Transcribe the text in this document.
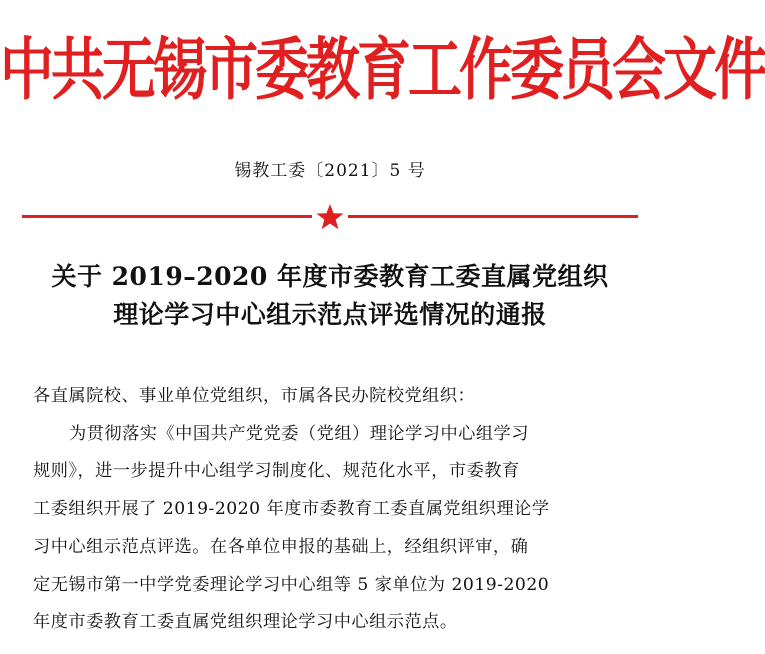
中共无锡市委教育工作委员会文件
锡教工委〔2021〕5 号
关于 2019–2020 年度市委教育工委直属党组织
理论学习中心组示范点评选情况的通报
各直属院校、事业单位党组织，市属各民办院校党组织：
为贯彻落实《中国共产党党委（党组）理论学习中心组学习
规则》，进一步提升中心组学习制度化、规范化水平，市委教育
工委组织开展了 2019-2020 年度市委教育工委直属党组织理论学
习中心组示范点评选。在各单位申报的基础上，经组织评审，确
定无锡市第一中学党委理论学习中心组等 5 家单位为 2019-2020
年度市委教育工委直属党组织理论学习中心组示范点。
